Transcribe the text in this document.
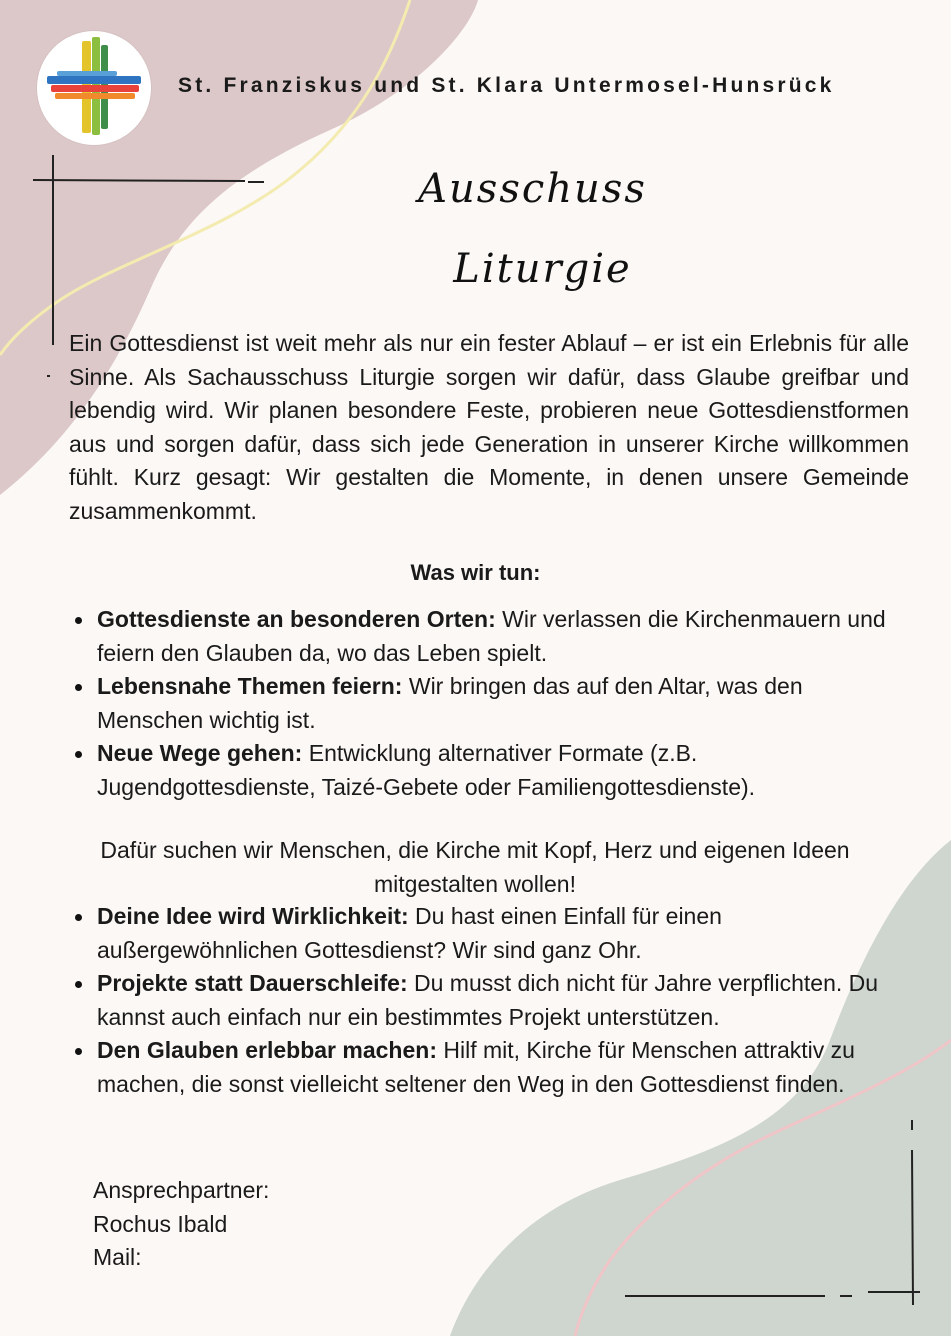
St. Franziskus und St. Klara Untermosel-Hunsrück
Ausschuss
Liturgie

Ein Gottesdienst ist weit mehr als nur ein fester Ablauf – er ist ein Erlebnis für alle Sinne. Als Sachausschuss Liturgie sorgen wir dafür, dass Glaube greifbar und lebendig wird. Wir planen besondere Feste, probieren neue Gottesdienstformen aus und sorgen dafür, dass sich jede Generation in unserer Kirche willkommen fühlt. Kurz gesagt: Wir gestalten die Momente, in denen unsere Gemeinde zusammenkommt.

Was wir tun:

Gottesdienste an besonderen Orten: Wir verlassen die Kirchenmauern und feiern den Glauben da, wo das Leben spielt.
Lebensnahe Themen feiern: Wir bringen das auf den Altar, was den Menschen wichtig ist.
Neue Wege gehen: Entwicklung alternativer Formate (z.B. Jugendgottesdienste, Taizé-Gebete oder Familiengottesdienste).

Dafür suchen wir Menschen, die Kirche mit Kopf, Herz und eigenen Ideen mitgestalten wollen!

Deine Idee wird Wirklichkeit: Du hast einen Einfall für einen außergewöhnlichen Gottesdienst? Wir sind ganz Ohr.
Projekte statt Dauerschleife: Du musst dich nicht für Jahre verpflichten. Du kannst auch einfach nur ein bestimmtes Projekt unterstützen.
Den Glauben erlebbar machen: Hilf mit, Kirche für Menschen attraktiv zu machen, die sonst vielleicht seltener den Weg in den Gottesdienst finden.
Ansprechpartner:
Rochus Ibald
Mail:
